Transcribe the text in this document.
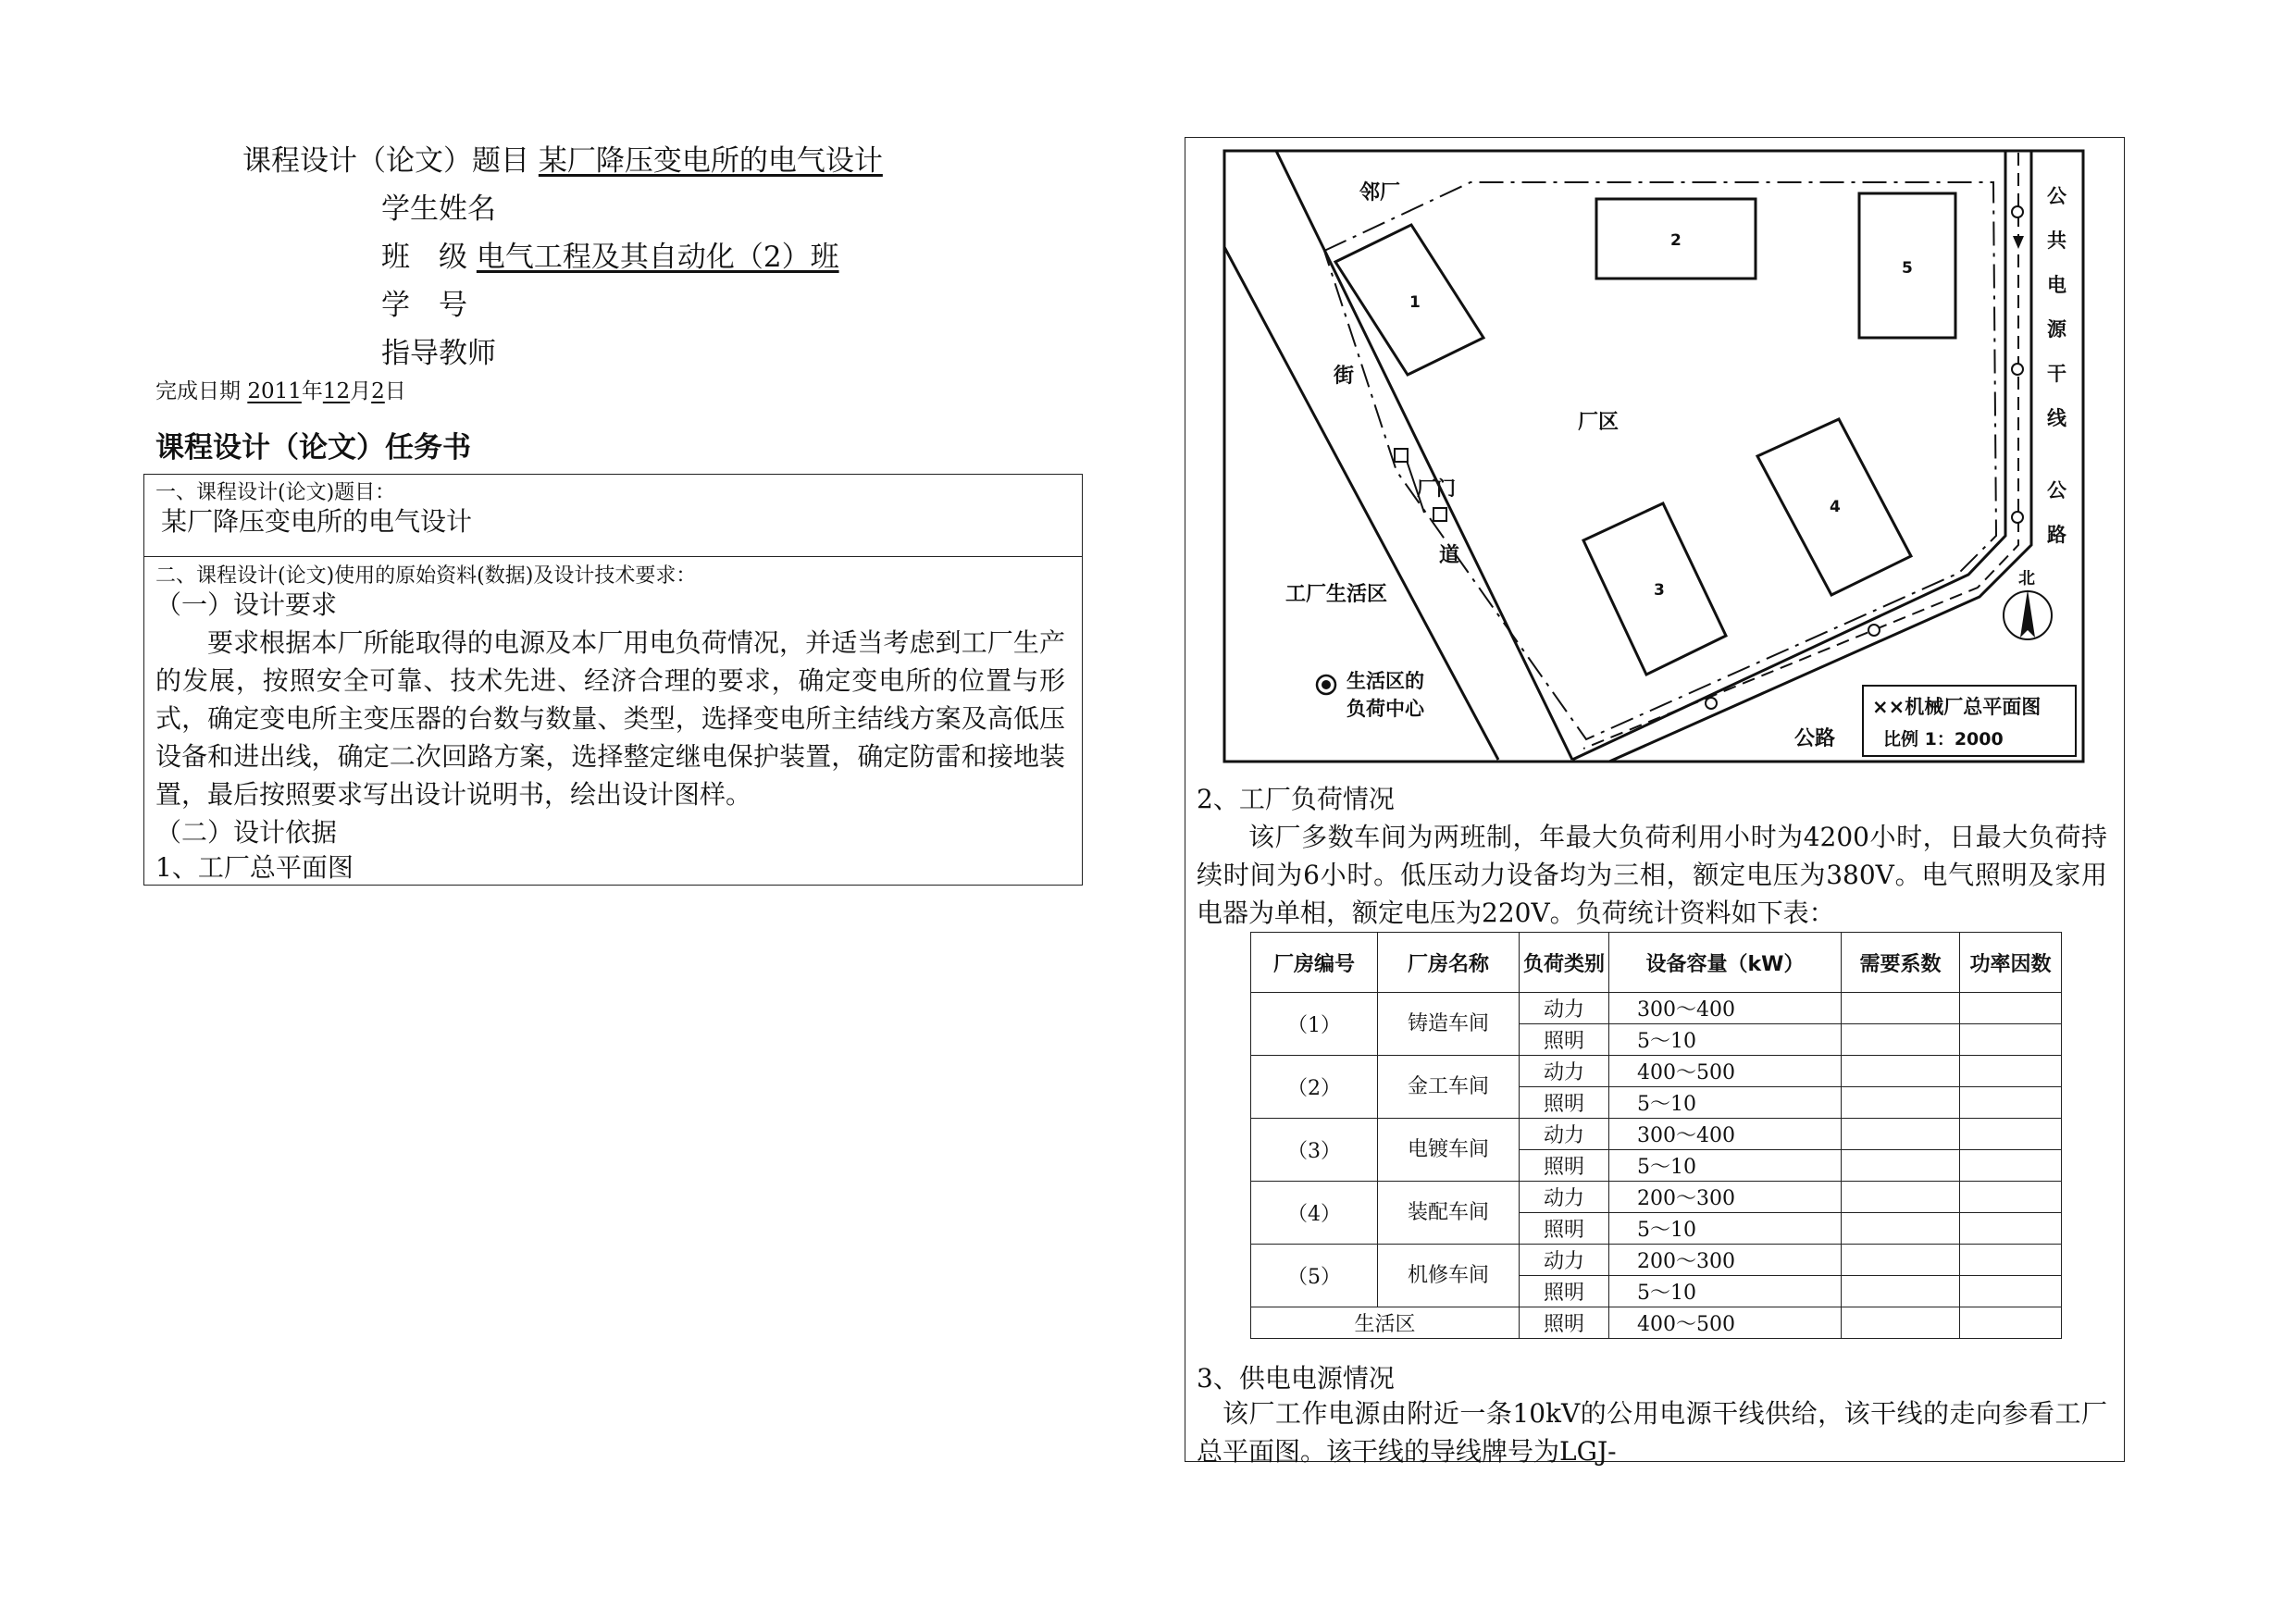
课程设计（论文）题目 某厂降压变电所的电气设计
学生姓名
班　级 电气工程及其自动化（2）班
学　号
指导教师
完成日期 2011年12月2日
课程设计（论文）任务书
一、课程设计(论文)题目：
某厂降压变电所的电气设计
二、课程设计(论文)使用的原始资料(数据)及设计技术要求：
（一）设计要求
要求根据本厂所能取得的电源及本厂用电负荷情况，并适当考虑到工厂生产的发展，按照安全可靠、技术先进、经济合理的要求，确定变电所的位置与形式，确定变电所主变压器的台数与数量、类型，选择变电所主结线方案及高低压设备和进出线，确定二次回路方案，选择整定继电保护装置，确定防雷和接地装置，最后按照要求写出设计说明书，绘出设计图样。
（二）设计依据
1、工厂总平面图
邻厂
街
道
厂门
厂区
工厂生活区
生活区的
负荷中心
公路
北
××机械厂总平面图
比例 1：2000
1
2
3
4
5
公
共
电
源
干
线
公
路
2、工厂负荷情况
该厂多数车间为两班制，年最大负荷利用小时为4200小时，日最大负荷持续时间为6小时。低压动力设备均为三相，额定电压为380V。电气照明及家用电器为单相，额定电压为220V。负荷统计资料如下表：
厂房编号	厂房名称	负荷类别	设备容量（kW）	需要系数	功率因数
（1）	铸造车间	动力	300～400		
		照明	5～10		
（2）	金工车间	动力	400～500		
		照明	5～10		
（3）	电镀车间	动力	300～400		
		照明	5～10		
（4）	装配车间	动力	200～300		
		照明	5～10		
（5）	机修车间	动力	200～300		
		照明	5～10		
生活区		照明	400～500		
3、供电电源情况
该厂工作电源由附近一条10kV的公用电源干线供给，该干线的走向参看工厂总平面图。该干线的导线牌号为LGJ-
